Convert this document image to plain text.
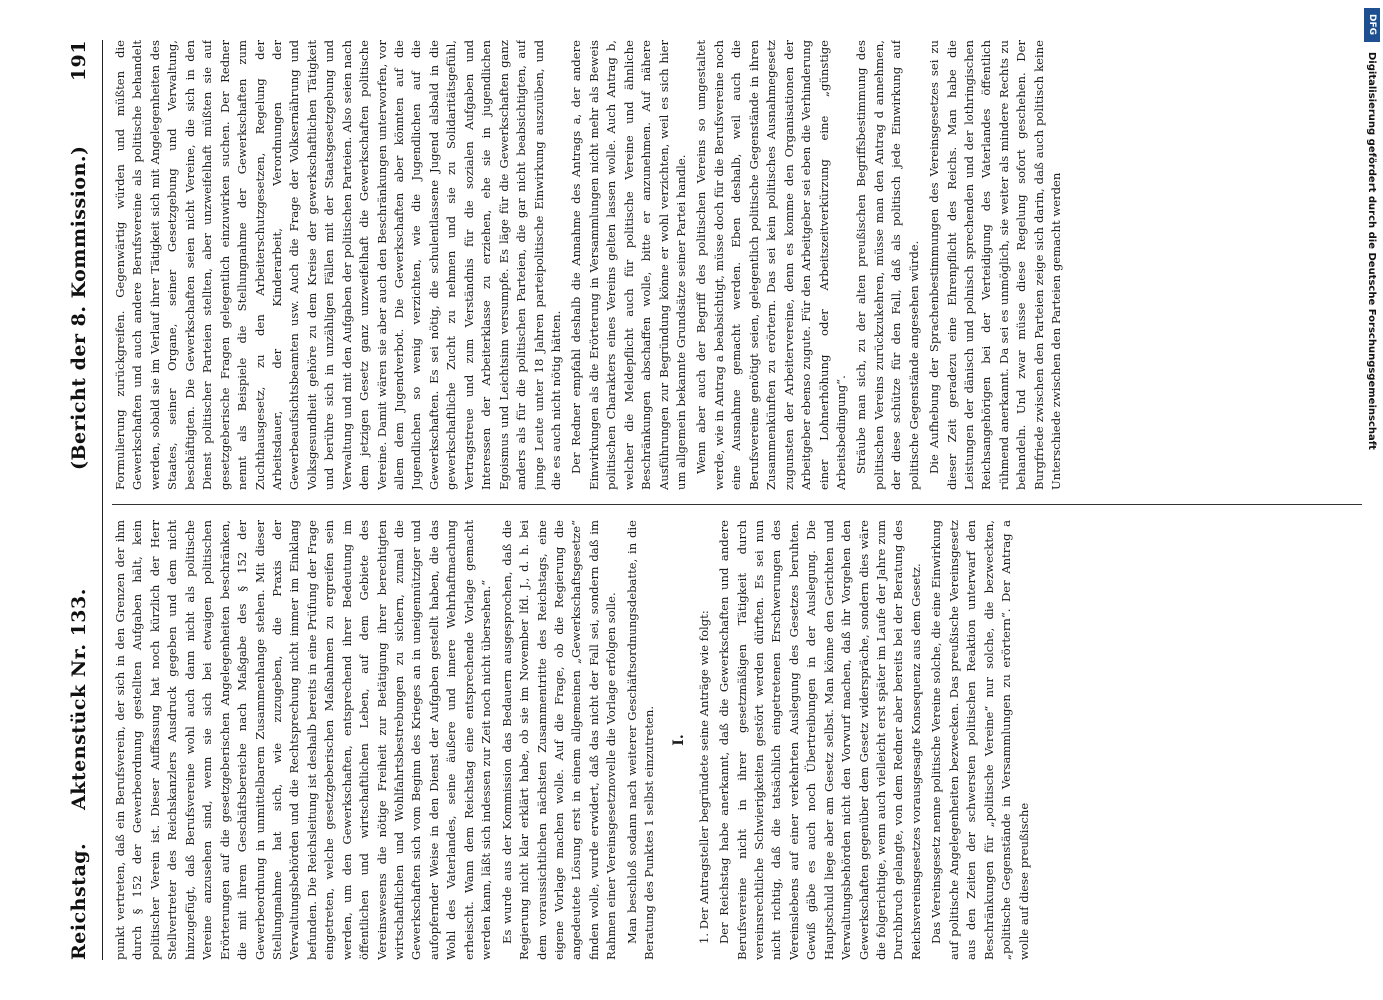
Reichstag.
Aktenstück Nr. 133.
(Bericht der 8. Kommission.)
191

punkt vertreten, daß ein Berufsverein, der sich in den Grenzen der ihm durch § 152 der Gewerbeordnung gestellten Aufgaben hält, kein politischer Verein ist. Dieser Auffassung hat noch kürzlich der Herr Stellvertreter des Reichskanzlers Ausdruck gegeben und dem nicht hinzugefügt, daß Berufsvereine wohl auch dann nicht als politische Vereine anzusehen sind, wenn sie sich bei etwaigen politischen Erörterungen auf die gesetzgeberischen Angelegenheiten beschränken, die mit ihrem Geschäftsbereiche nach Maßgabe des § 152 der Gewerbeordnung in unmittelbarem Zusammenhange stehen. Mit dieser Stellungnahme hat sich, wie zuzugeben, die Praxis der Verwaltungsbehörden und die Rechtsprechung nicht immer im Einklang befunden. Die Reichsleitung ist deshalb bereits in eine Prüfung der Frage eingetreten, welche gesetzgeberischen Maßnahmen zu ergreifen sein werden, um den Gewerkschaften, entsprechend ihrer Bedeutung im öffentlichen und wirtschaftlichen Leben, auf dem Gebiete des Vereinswesens die nötige Freiheit zur Betätigung ihrer berechtigten wirtschaftlichen und Wohlfahrtsbestrebungen zu sichern, zumal die Gewerkschaften sich vom Beginn des Krieges an in uneigennütziger und aufopfernder Weise in den Dienst der Aufgaben gestellt haben, die das Wohl des Vaterlandes, seine äußere und innere Wehrhaftmachung erheischt. Wann dem Reichstag eine entsprechende Vorlage gemacht werden kann, läßt sich indessen zur Zeit noch nicht übersehen.“ Es wurde aus der Kommission das Bedauern ausgesprochen, daß die Regierung nicht klar erklärt habe, ob sie im November lfd. J., d. h. bei dem voraussichtlichen nächsten Zusammentritte des Reichstags, eine eigene Vorlage machen wolle. Auf die Frage, ob die Regierung die angedeutete Lösung erst in einem allgemeinen „Gewerkschaftsgesetze“ finden wolle, wurde erwidert, daß das nicht der Fall sei, sondern daß im Rahmen einer Vereinsgesetznovelle die Vorlage erfolgen solle. Man beschloß sodann nach weiterer Geschäftsordnungsdebatte, in die Beratung des Punktes 1 selbst einzutreten. I. 1. Der Antragsteller begründete seine Anträge wie folgt: Der Reichstag habe anerkannt, daß die Gewerkschaften und andere Berufsvereine nicht in ihrer gesetzmäßigen Tätigkeit durch vereinsrechtliche Schwierigkeiten gestört werden dürften. Es sei nun nicht richtig, daß die tatsächlich eingetretenen Erschwerungen des Vereinslebens auf einer verkehrten Auslegung des Gesetzes beruhten. Gewiß gäbe es auch noch Übertreibungen in der Auslegung. Die Hauptschuld liege aber am Gesetz selbst. Man könne den Gerichten und Verwaltungsbehörden nicht den Vorwurf machen, daß ihr Vorgehen den Gewerkschaften gegenüber dem Gesetz widerspräche, sondern dies wäre die folgerichtige, wenn auch vielleicht erst später im Laufe der Jahre zum Durchbruch gelangte, von dem Redner aber bereits bei der Beratung des Reichsvereinsgesetzes vorausgesagte Konsequenz aus dem Gesetz. Das Vereinsgesetz nenne politische Vereine solche, die eine Einwirkung auf politische Angelegenheiten bezwecken. Das preußische Vereinsgesetz aus den Zeiten der schwersten politischen Reaktion unterwarf den Beschränkungen für „politische Vereine“ nur solche, die bezweckten, „politische Gegenstände in Versammlungen zu erörtern“. Der Antrag a wolle auf diese preußische

Formulierung zurückgreifen. Gegenwärtig würden und müßten die Gewerkschaften und auch andere Berufsvereine als politische behandelt werden, sobald sie im Verlauf ihrer Tätigkeit sich mit Angelegenheiten des Staates, seiner Organe, seiner Gesetzgebung und Verwaltung, beschäftigten. Die Gewerkschaften seien nicht Vereine, die sich in den Dienst politischer Parteien stellten, aber unzweifelhaft müßten sie auf gesetzgeberische Fragen gelegentlich einzuwirken suchen. Der Redner nennt als Beispiele die Stellungnahme der Gewerkschaften zum Zuchthausgesetz, zu den Arbeiterschutzgesetzen, Regelung der Arbeitsdauer, der Kinderarbeit, Verordnungen der Gewerbeaufsichtsbeamten usw. Auch die Frage der Volksernährung und Volksgesundheit gehöre zu dem Kreise der gewerkschaftlichen Tätigkeit und berühre sich in unzähligen Fällen mit der Staatsgesetzgebung und Verwaltung und mit den Aufgaben der politischen Parteien. Also seien nach dem jetzigen Gesetz ganz unzweifelhaft die Gewerkschaften politische Vereine. Damit wären sie aber auch den Beschränkungen unterworfen, vor allem dem Jugendverbot. Die Gewerkschaften aber könnten auf die Jugendlichen so wenig verzichten, wie die Jugendlichen auf die Gewerkschaften. Es sei nötig, die schulentlassene Jugend alsbald in die gewerkschaftliche Zucht zu nehmen und sie zu Solidaritätsgefühl, Vertragstreue und zum Verständnis für die sozialen Aufgaben und Interessen der Arbeiterklasse zu erziehen, ehe sie in jugendlichen Egoismus und Leichtsinn versumpfe. Es läge für die Gewerkschaften ganz anders als für die politischen Parteien, die gar nicht beabsichtigten, auf junge Leute unter 18 Jahren parteipolitische Einwirkung auszuüben, und die es auch nicht nötig hätten. Der Redner empfahl deshalb die Annahme des Antrags a, der andere Einwirkungen als die Erörterung in Versammlungen nicht mehr als Beweis politischen Charakters eines Vereins gelten lassen wolle. Auch Antrag b, welcher die Meldepflicht auch für politische Vereine und ähnliche Beschränkungen abschaffen wolle, bitte er anzunehmen. Auf nähere Ausführungen zur Begründung könne er wohl verzichten, weil es sich hier um allgemein bekannte Grundsätze seiner Partei handle. Wenn aber auch der Begriff des politischen Vereins so umgestaltet werde, wie in Antrag a beabsichtigt, müsse doch für die Berufsvereine noch eine Ausnahme gemacht werden. Eben deshalb, weil auch die Berufsvereine genötigt seien, gelegentlich politische Gegenstände in ihren Zusammenkünften zu erörtern. Das sei kein politisches Ausnahmegesetz zugunsten der Arbeitervereine, denn es komme den Organisationen der Arbeitgeber ebenso zugute. Für den Arbeitgeber sei eben die Verhinderung einer Lohnerhöhung oder Arbeitszeitverkürzung eine „günstige Arbeitsbedingung“. Sträube man sich, zu der alten preußischen Begriffsbestimmung des politischen Vereins zurückzukehren, müsse man den Antrag d annehmen, der diese schütze für den Fall, daß als politisch jede Einwirkung auf politische Gegenstände angesehen würde. Die Aufhebung der Sprachenbestimmungen des Vereinsgesetzes sei zu dieser Zeit geradezu eine Ehrenpflicht des Reichs. Man habe die Leistungen der dänisch und polnisch sprechenden und der lothringischen Reichsangehörigen bei der Verteidigung des Vaterlandes öffentlich rühmend anerkannt. Da sei es unmöglich, sie weiter als mindere Rechts zu behandeln. Und zwar müsse diese Regelung sofort geschehen. Der Burgfriede zwischen den Parteien zeige sich darin, daß auch politisch keine Unterschiede zwischen den Parteien gemacht werden

DFG
Digitalisierung gefördert durch die Deutsche Forschungsgemeinschaft
